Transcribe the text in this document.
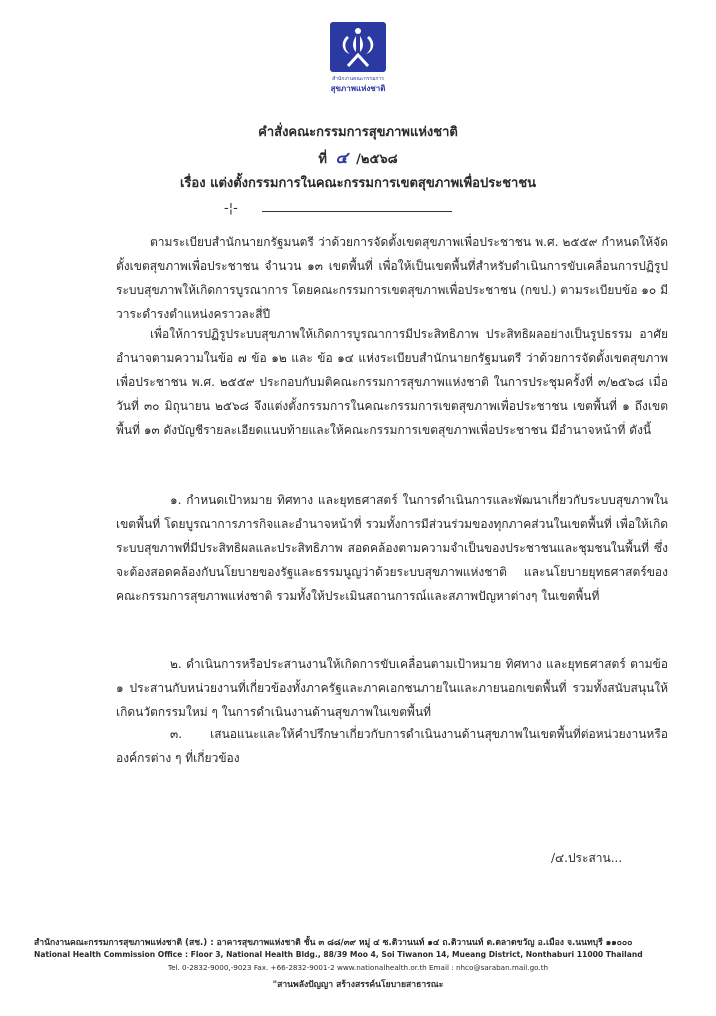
สำนักงานคณะกรรมการ
สุขภาพแห่งชาติ
คำสั่งคณะกรรมการสุขภาพแห่งชาติ
ที่ ๔ /๒๕๖๘
เรื่อง แต่งตั้งกรรมการในคณะกรรมการเขตสุขภาพเพื่อประชาชน
-¦-

ตามระเบียบสำนักนายกรัฐมนตรี ว่าด้วยการจัดตั้งเขตสุขภาพเพื่อประชาชน พ.ศ. ๒๕๕๙ กำหนดให้จัดตั้งเขตสุขภาพเพื่อประชาชน จำนวน ๑๓ เขตพื้นที่ เพื่อให้เป็นเขตพื้นที่สำหรับดำเนินการขับเคลื่อนการปฏิรูประบบสุขภาพให้เกิดการบูรณาการ โดยคณะกรรมการเขตสุขภาพเพื่อประชาชน (กขป.) ตามระเบียบข้อ ๑๐ มีวาระดำรงตำแหน่งคราวละสี่ปี

เพื่อให้การปฏิรูประบบสุขภาพให้เกิดการบูรณาการมีประสิทธิภาพ ประสิทธิผลอย่างเป็นรูปธรรม อาศัยอำนาจตามความในข้อ ๗ ข้อ ๑๒ และ ข้อ ๑๔ แห่งระเบียบสำนักนายกรัฐมนตรี ว่าด้วยการจัดตั้งเขตสุขภาพเพื่อประชาชน พ.ศ. ๒๕๕๙ ประกอบกับมติคณะกรรมการสุขภาพแห่งชาติ ในการประชุมครั้งที่ ๓/๒๕๖๘ เมื่อวันที่ ๓๐ มิถุนายน ๒๕๖๘ จึงแต่งตั้งกรรมการในคณะกรรมการเขตสุขภาพเพื่อประชาชน เขตพื้นที่ ๑ ถึงเขตพื้นที่ ๑๓ ดังบัญชีรายละเอียดแนบท้ายและให้คณะกรรมการเขตสุขภาพเพื่อประชาชน มีอำนาจหน้าที่ ดังนี้

๑. กำหนดเป้าหมาย ทิศทาง และยุทธศาสตร์ ในการดำเนินการและพัฒนาเกี่ยวกับระบบสุขภาพในเขตพื้นที่ โดยบูรณาการภารกิจและอำนาจหน้าที่ รวมทั้งการมีส่วนร่วมของทุกภาคส่วนในเขตพื้นที่ เพื่อให้เกิดระบบสุขภาพที่มีประสิทธิผลและประสิทธิภาพ สอดคล้องตามความจำเป็นของประชาชนและชุมชนในพื้นที่ ซึ่งจะต้องสอดคล้องกับนโยบายของรัฐและธรรมนูญว่าด้วยระบบสุขภาพแห่งชาติ และนโยบายยุทธศาสตร์ของคณะกรรมการสุขภาพแห่งชาติ รวมทั้งให้ประเมินสถานการณ์และสภาพปัญหาต่างๆ ในเขตพื้นที่

๒. ดำเนินการหรือประสานงานให้เกิดการขับเคลื่อนตามเป้าหมาย ทิศทาง และยุทธศาสตร์ ตามข้อ ๑ ประสานกับหน่วยงานที่เกี่ยวข้องทั้งภาครัฐและภาคเอกชนภายในและภายนอกเขตพื้นที่ รวมทั้งสนับสนุนให้เกิดนวัตกรรมใหม่ ๆ ในการดำเนินงานด้านสุขภาพในเขตพื้นที่

๓. เสนอแนะและให้คำปรึกษาเกี่ยวกับการดำเนินงานด้านสุขภาพในเขตพื้นที่ต่อหน่วยงานหรือองค์กรต่าง ๆ ที่เกี่ยวข้อง

/๔.ประสาน...
สำนักงานคณะกรรมการสุขภาพแห่งชาติ (สช.) : อาคารสุขภาพแห่งชาติ ชั้น ๓ ๘๘/๓๙ หมู่ ๔ ซ.ติวานนท์ ๑๔ ถ.ติวานนท์ ต.ตลาดขวัญ อ.เมือง จ.นนทบุรี ๑๑๐๐๐
National Health Commission Office : Floor 3, National Health Bldg., 88/39 Moo 4, Soi Tiwanon 14, Mueang District, Nonthaburi 11000 Thailand
Tel. 0-2832-9000,-9023 Fax. +66-2832-9001-2 www.nationalhealth.or.th Email : nhco@saraban.mail.go.th
"สานพลังปัญญา สร้างสรรค์นโยบายสาธารณะ
